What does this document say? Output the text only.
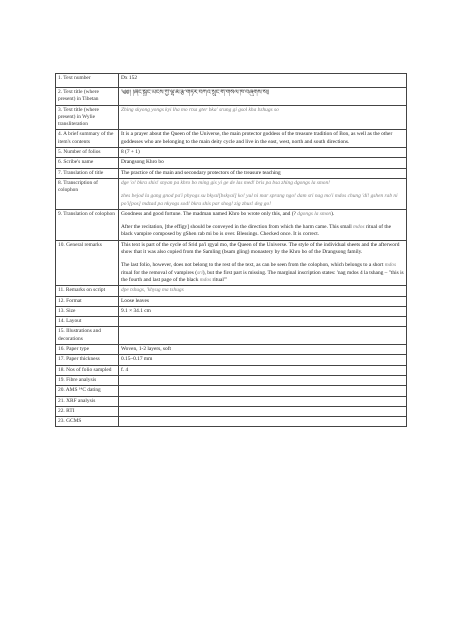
1. Text number	Dx 152
2. Text title (where present) in Tibetan	༄༅། །ཞིང་སྐྱོང་ཡོངས་ཀྱི་ལྷ་མོ་རྩ་གཏེར་བཀའ་སྲུང་གི་གསོལ་ཁ་བཞུགས་སོ༔

3. Text title (where present) in Wylie transliteration	Zhing skyong yongs kyi lha mo rtsa gter bka' srung gi gsol kha bzhugs so
4. A brief summary of the item's contents	It is a prayer about the Queen of the Universe, the main protector goddess of the treasure tradition of Bon, as well as the other goddesses who are belonging to the main deity cycle and live in the east, west, north and south directions.
5. Number of folios	8 (7 + 1)
6. Scribe's name	Drangsong Khro bo
7. Translation of title	The practice of the main and secondary protectors of the treasure teaching
8. Transcription of colophon	dge 'o! bkra shis! snyan pa khro bo ming gis yi ge de las med! bris pa bsa zhing dgongs la smon!

zhes bejod la gang gnod pa'i phyogs su bkyal[bskyal] ko! yul ni mar sprang ngo! dam sri nag mo'i mdos chung 'di! gshen rab ni po'i[pos] mdzad pa nkyogs sod! bkra shis par shog! zig zhus! deg go!

9. Translation of colophon	Goodness and good fortune. The madman named Khro bo wrote only this, and (? dgongs la smon).

After the recitation, [the effigy] should be conveyed in the direction from which the harm came. This small mdos ritual of the black vampire composed by gShen rab mi bo is over. Blessings. Checked once. It is correct.

10. General remarks	This text is part of the cycle of Srid pa'i rgyal mo, the Queen of the Universe. The style of the individual sheets and the afterword show that it was also copied from the Samling (bsam gling) monastery by the Khro bo of the Drangsong family.

The last folio, however, does not belong to the rest of the text, as can be seen from the colophon, which belongs to a short mdos ritual for the removal of vampires (sri), but the first part is missing. The marginal inscription states: 'nag mdos 4 la tshang – "this is the fourth and last page of the black mdos ritual"'

11. Remarks on script	dpe tshugs, 'khyug ma tshugs
12. Format	Loose leaves
13. Size	9.1 × 34.1 cm
14. Layout	
15. Illustrations and decorations	
16. Paper type	Woven, 1-2 layers, soft
17. Paper thickness	0.15–0.17 mm
18. Nos of folio sampled	f. 4
19. Fibre analysis	
20. AMS ¹⁴C dating	
21. XRF analysis	
22. RTI	
23. GCMS	
